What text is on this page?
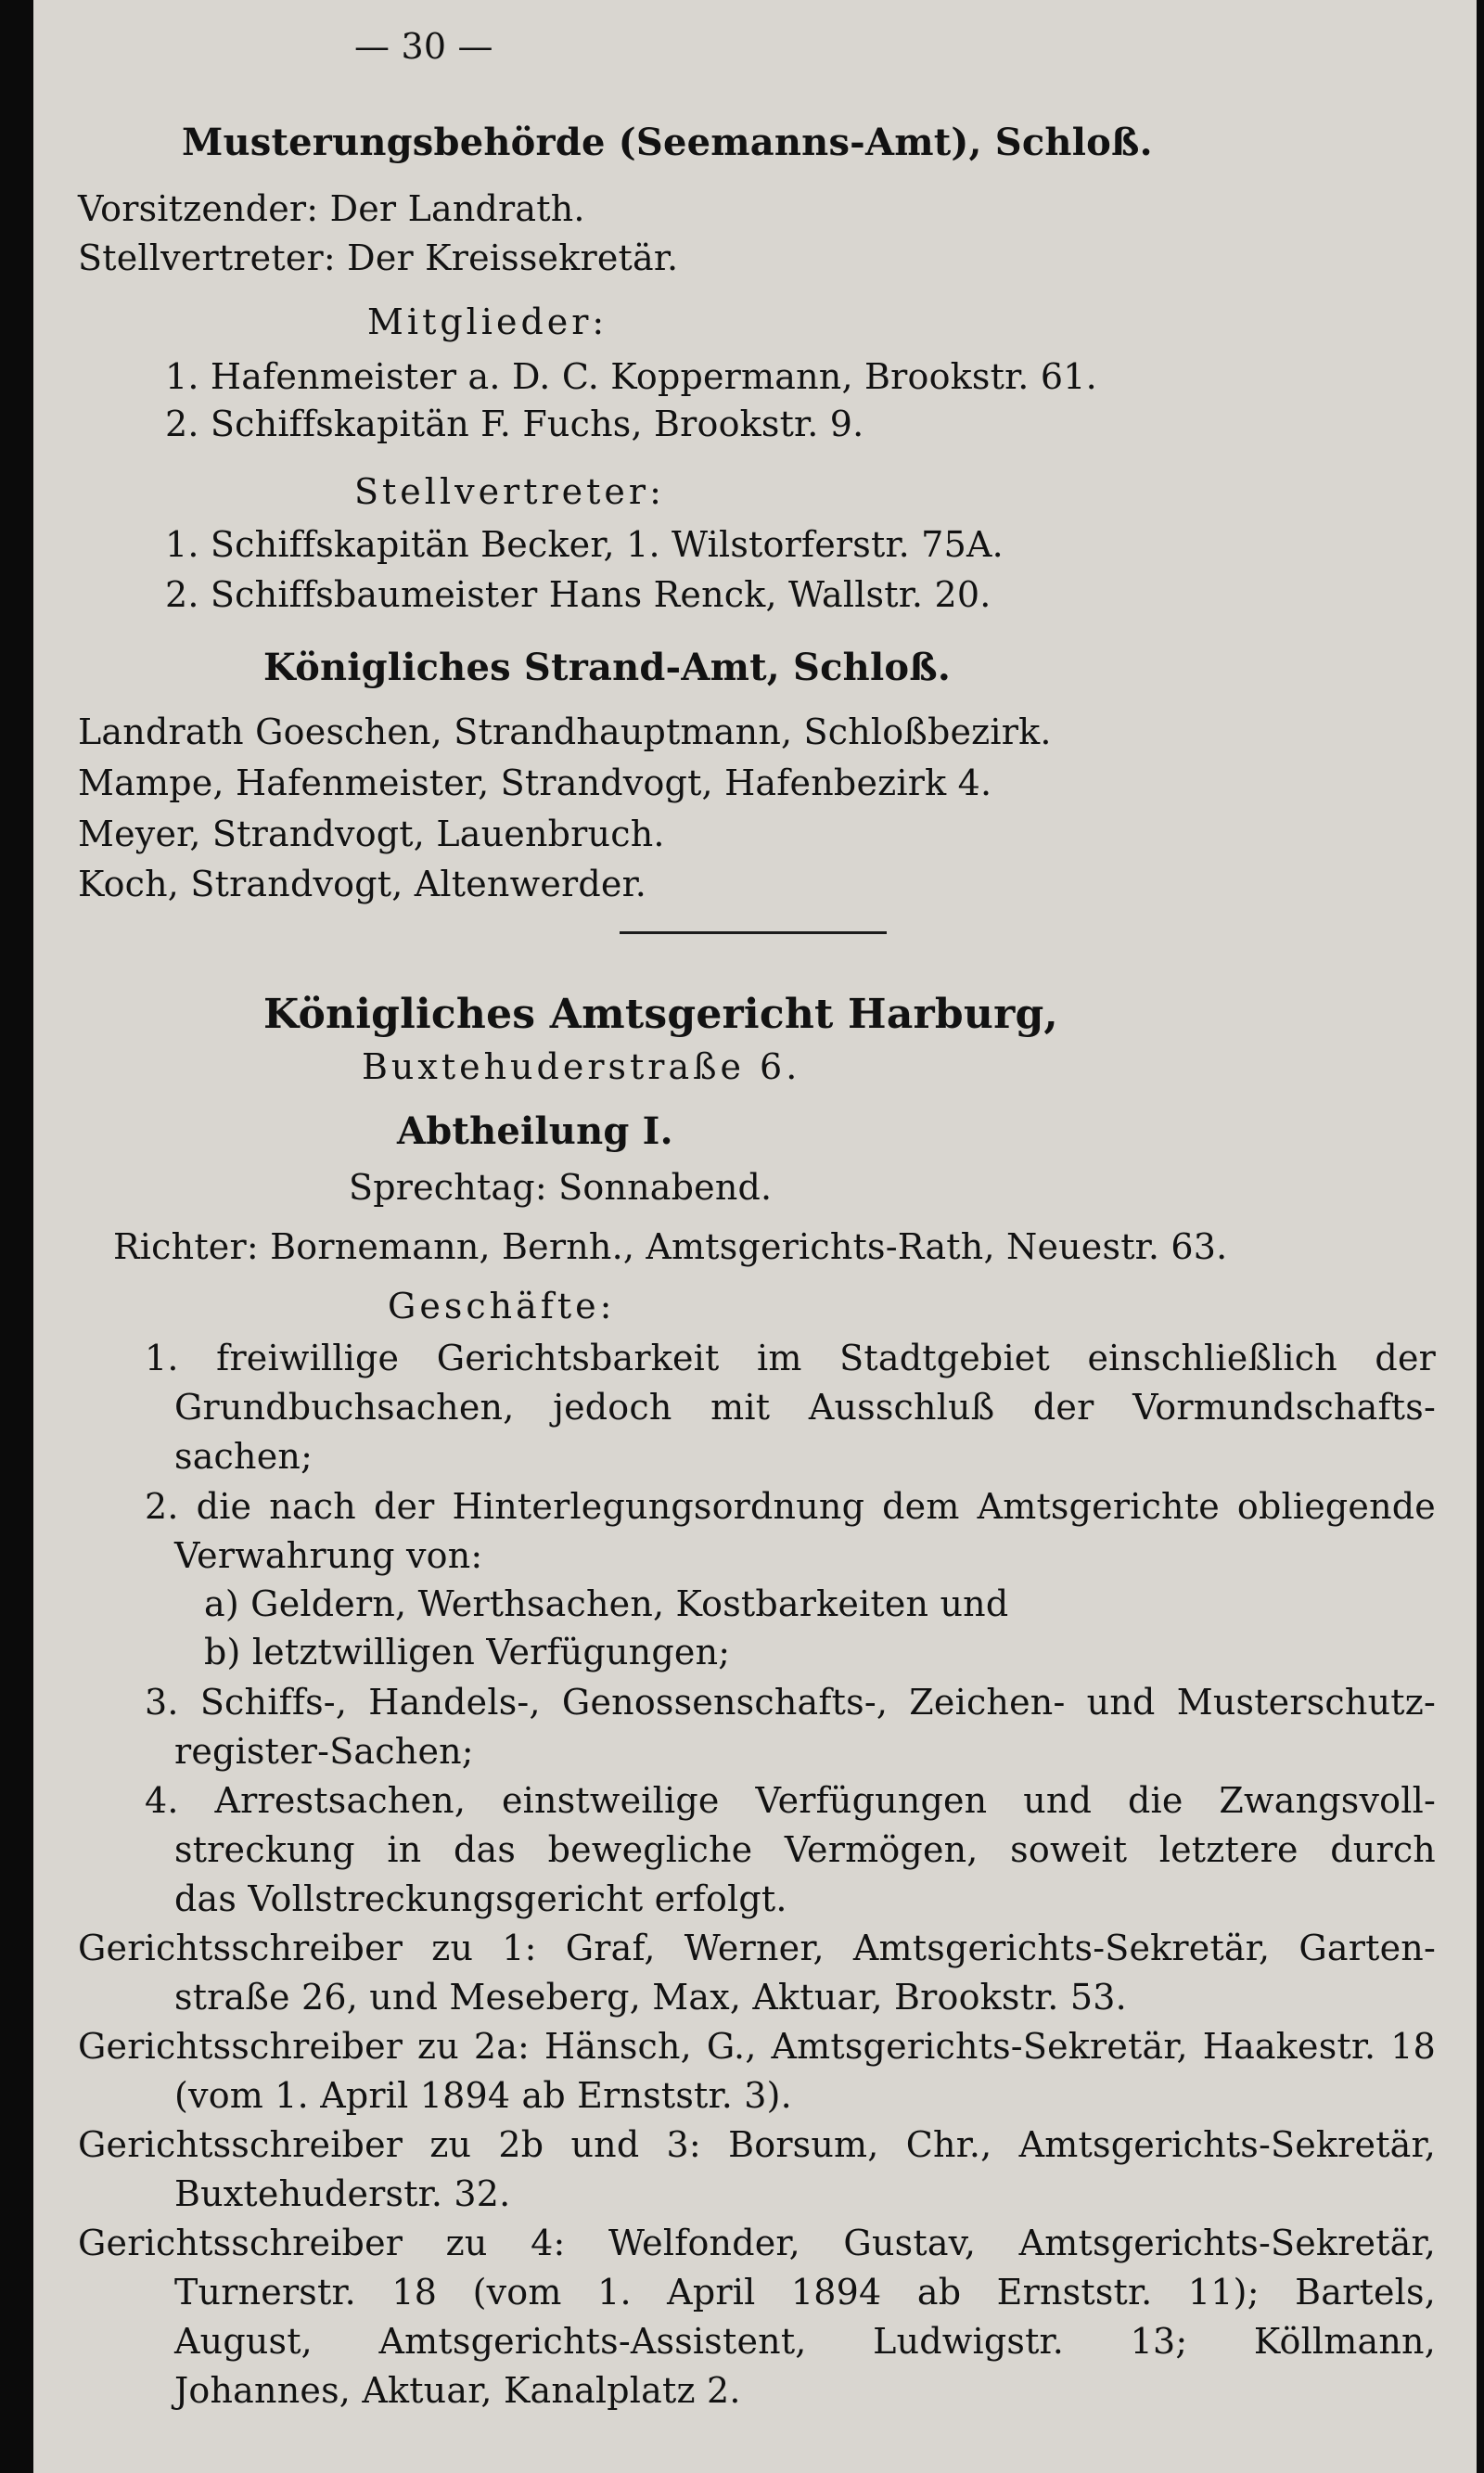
— 30 —
Musterungsbehörde (Seemanns-Amt), Schloß.
Vorsitzender: Der Landrath.
Stellvertreter: Der Kreissekretär.
Mitglieder:
1. Hafenmeister a. D. C. Koppermann, Brookstr. 61.
2. Schiffskapitän F. Fuchs, Brookstr. 9.
Stellvertreter:
1. Schiffskapitän Becker, 1. Wilstorferstr. 75A.
2. Schiffsbaumeister Hans Renck, Wallstr. 20.
Königliches Strand-Amt, Schloß.
Landrath Goeschen, Strandhauptmann, Schloßbezirk.
Mampe, Hafenmeister, Strandvogt, Hafenbezirk 4.
Meyer, Strandvogt, Lauenbruch.
Koch, Strandvogt, Altenwerder.
Königliches Amtsgericht Harburg,
Buxtehuderstraße 6.
Abtheilung I.
Sprechtag: Sonnabend.
Richter: Bornemann, Bernh., Amtsgerichts-Rath, Neuestr. 63.
Geschäfte:
1. freiwillige Gerichtsbarkeit im Stadtgebiet einschließlich der
Grundbuchsachen, jedoch mit Ausschluß der Vormundschafts-
sachen;
2. die nach der Hinterlegungsordnung dem Amtsgerichte obliegende
Verwahrung von:
a) Geldern, Werthsachen, Kostbarkeiten und
b) letztwilligen Verfügungen;
3. Schiffs-, Handels-, Genossenschafts-, Zeichen- und Musterschutz-
register-Sachen;
4. Arrestsachen, einstweilige Verfügungen und die Zwangsvoll-
streckung in das bewegliche Vermögen, soweit letztere durch
das Vollstreckungsgericht erfolgt.
Gerichtsschreiber zu 1: Graf, Werner, Amtsgerichts-Sekretär, Garten-
straße 26, und Meseberg, Max, Aktuar, Brookstr. 53.
Gerichtsschreiber zu 2a: Hänsch, G., Amtsgerichts-Sekretär, Haakestr. 18
(vom 1. April 1894 ab Ernststr. 3).
Gerichtsschreiber zu 2b und 3: Borsum, Chr., Amtsgerichts-Sekretär,
Buxtehuderstr. 32.
Gerichtsschreiber zu 4: Welfonder, Gustav, Amtsgerichts-Sekretär,
Turnerstr. 18 (vom 1. April 1894 ab Ernststr. 11); Bartels,
August, Amtsgerichts-Assistent, Ludwigstr. 13; Köllmann,
Johannes, Aktuar, Kanalplatz 2.
